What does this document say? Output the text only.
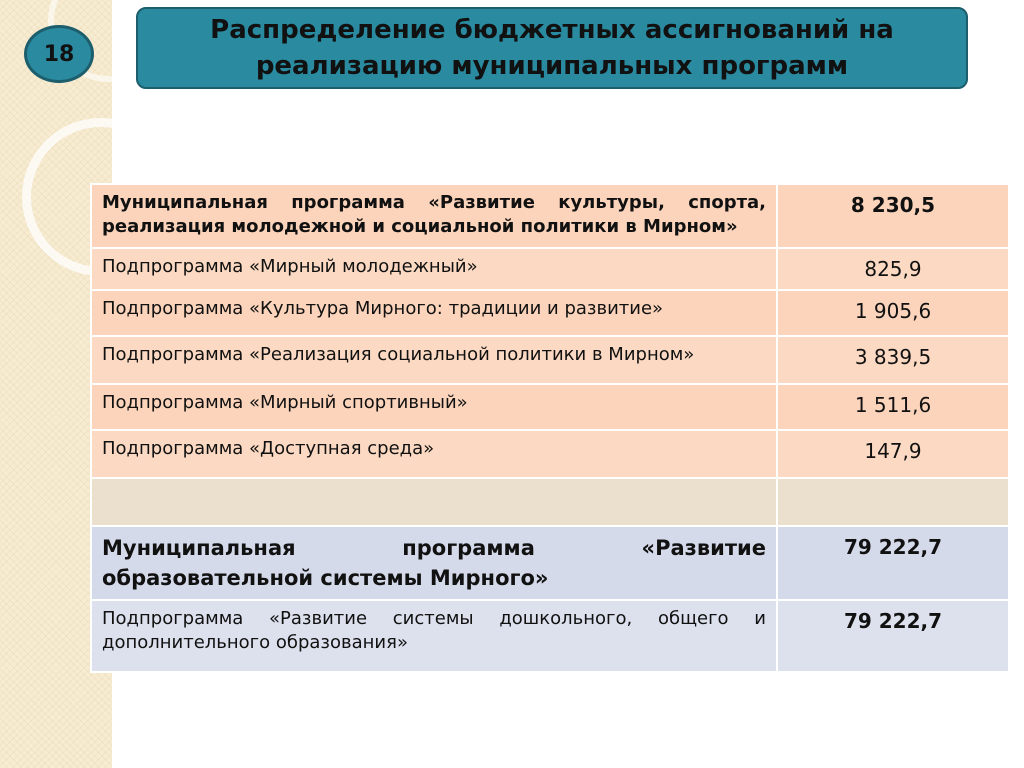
18
Распределение бюджетных ассигнований на реализацию муниципальных программ
Муниципальная программа «Развитие культуры, спорта, реализация молодежной и социальной политики в Мирном»	8 230,5

Подпрограмма «Мирный молодежный»	825,9

Подпрограмма «Культура Мирного: традиции и развитие»	1 905,6

Подпрограмма «Реализация социальной политики в Мирном»	3 839,5

Подпрограмма «Мирный спортивный»	1 511,6

Подпрограмма «Доступная среда»	147,9

Муниципальная программа «Развитие образовательной системы Мирного»	79 222,7

Подпрограмма «Развитие системы дошкольного, общего и дополнительного образования»	79 222,7
